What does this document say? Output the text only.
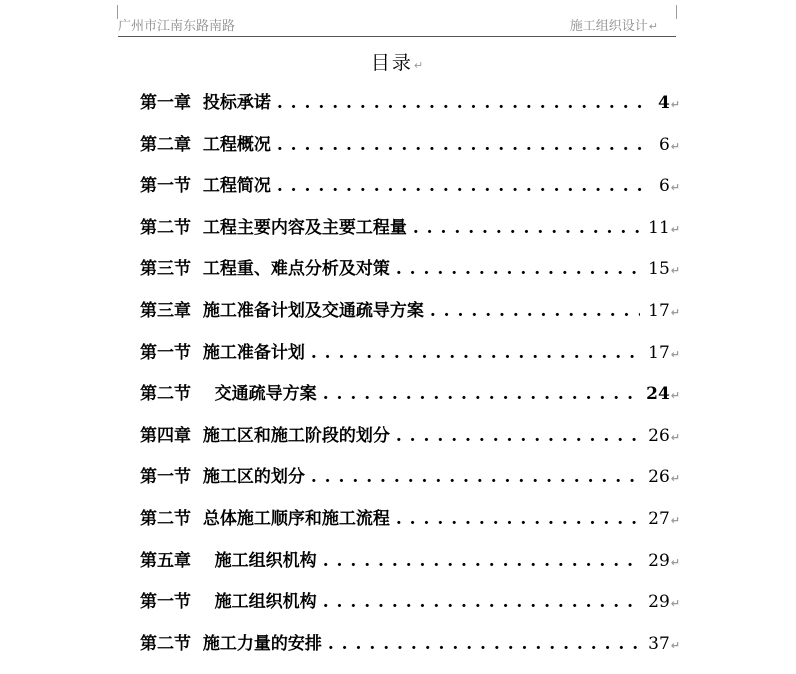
广州市江南东路南路	施工组织设计↵
目录↵
第一章  投标承诺 . . .	4 ↵
第二章  工程概况 . . .	6 ↵
第一节  工程简况 . . .	6 ↵
第二节  工程主要内容及主要工程量 . . .	11 ↵
第三节  工程重、难点分析及对策 . . .	15 ↵
第三章  施工准备计划及交通疏导方案 . . .	17 ↵
第一节  施工准备计划 . . .	17 ↵
第二节    交通疏导方案 . . .	24 ↵
第四章  施工区和施工阶段的划分 . . .	26 ↵
第一节  施工区的划分 . . .	26 ↵
第二节  总体施工顺序和施工流程 . . .	27 ↵
第五章    施工组织机构 . . .	29 ↵
第一节    施工组织机构 . . .	29 ↵
第二节  施工力量的安排 . . .	37 ↵
